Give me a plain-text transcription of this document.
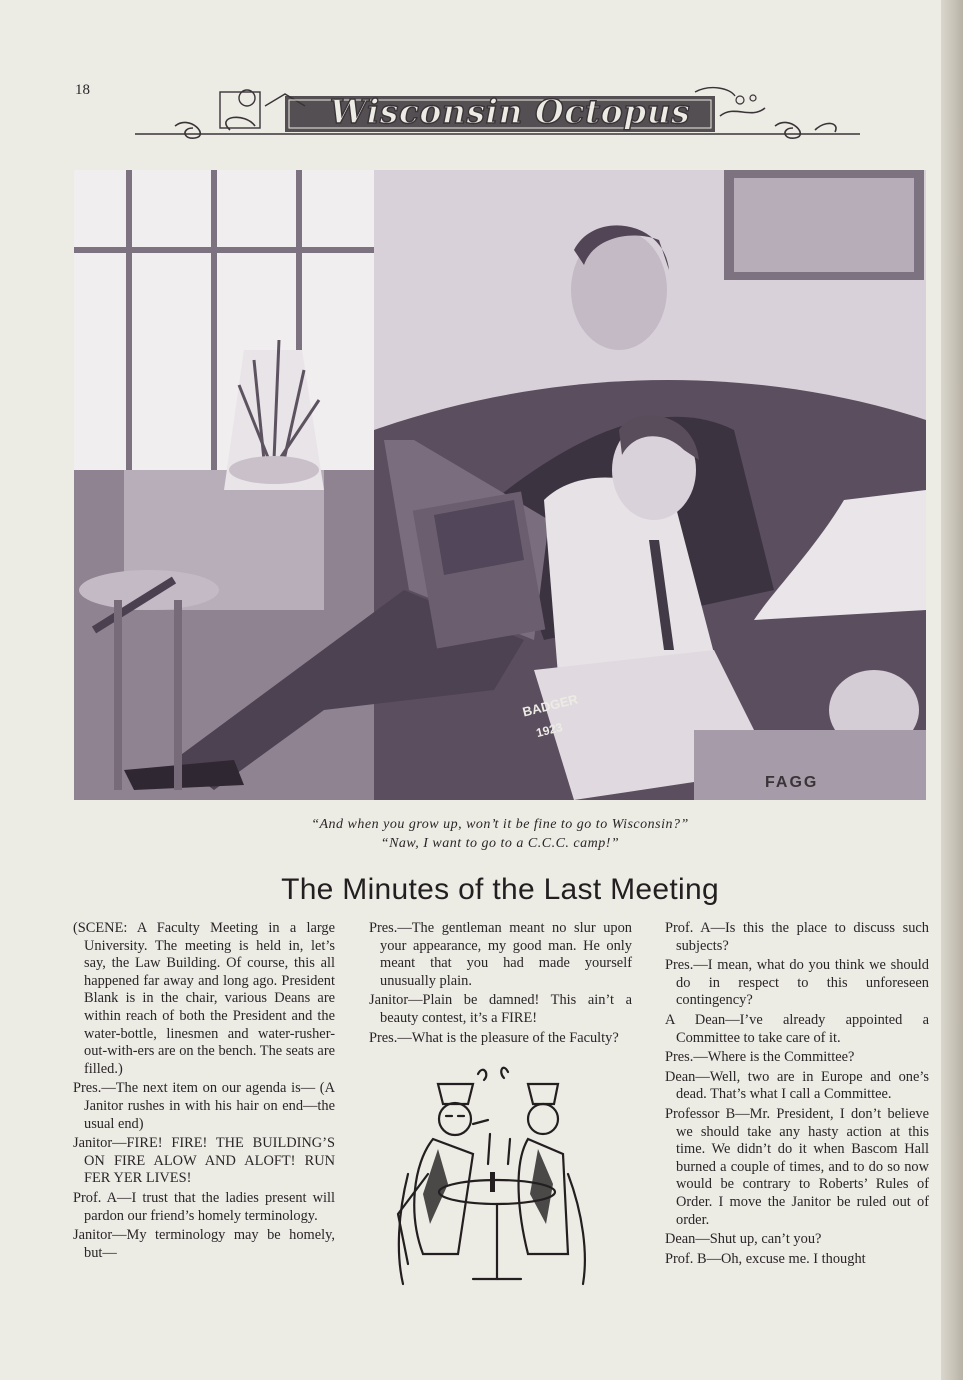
18
Wisconsin Octopus
BADGER
1923
FAGG
“And when you grow up, won’t it be fine to go to Wisconsin?”
“Naw, I want to go to a C.C.C. camp!”
The Minutes of the Last Meeting

(SCENE: A Faculty Meeting in a large University. The meeting is held in, let’s say, the Law Building. Of course, this all happened far away and long ago. President Blank is in the chair, various Deans are within reach of both the President and the water-bottle, linesmen and water-rusher-out-with-ers are on the bench. The seats are filled.)

Pres.—The next item on our agenda is— (A Janitor rushes in with his hair on end—the usual end)

Janitor—FIRE! FIRE! THE BUILDING’S ON FIRE ALOW AND ALOFT! RUN FER YER LIVES!

Prof. A—I trust that the ladies present will pardon our friend’s homely terminology.

Janitor—My terminology may be homely, but—

Pres.—The gentleman meant no slur upon your appearance, my good man. He only meant that you had made yourself unusually plain.

Janitor—Plain be damned! This ain’t a beauty contest, it’s a FIRE!

Pres.—What is the pleasure of the Faculty?

Prof. A—Is this the place to discuss such subjects?

Pres.—I mean, what do you think we should do in respect to this unforeseen contingency?

A Dean—I’ve already appointed a Committee to take care of it.

Pres.—Where is the Committee?

Dean—Well, two are in Europe and one’s dead. That’s what I call a Committee.

Professor B—Mr. President, I don’t believe we should take any hasty action at this time. We didn’t do it when Bascom Hall burned a couple of times, and to do so now would be contrary to Roberts’ Rules of Order. I move the Janitor be ruled out of order.

Dean—Shut up, can’t you?

Prof. B—Oh, excuse me. I thought
